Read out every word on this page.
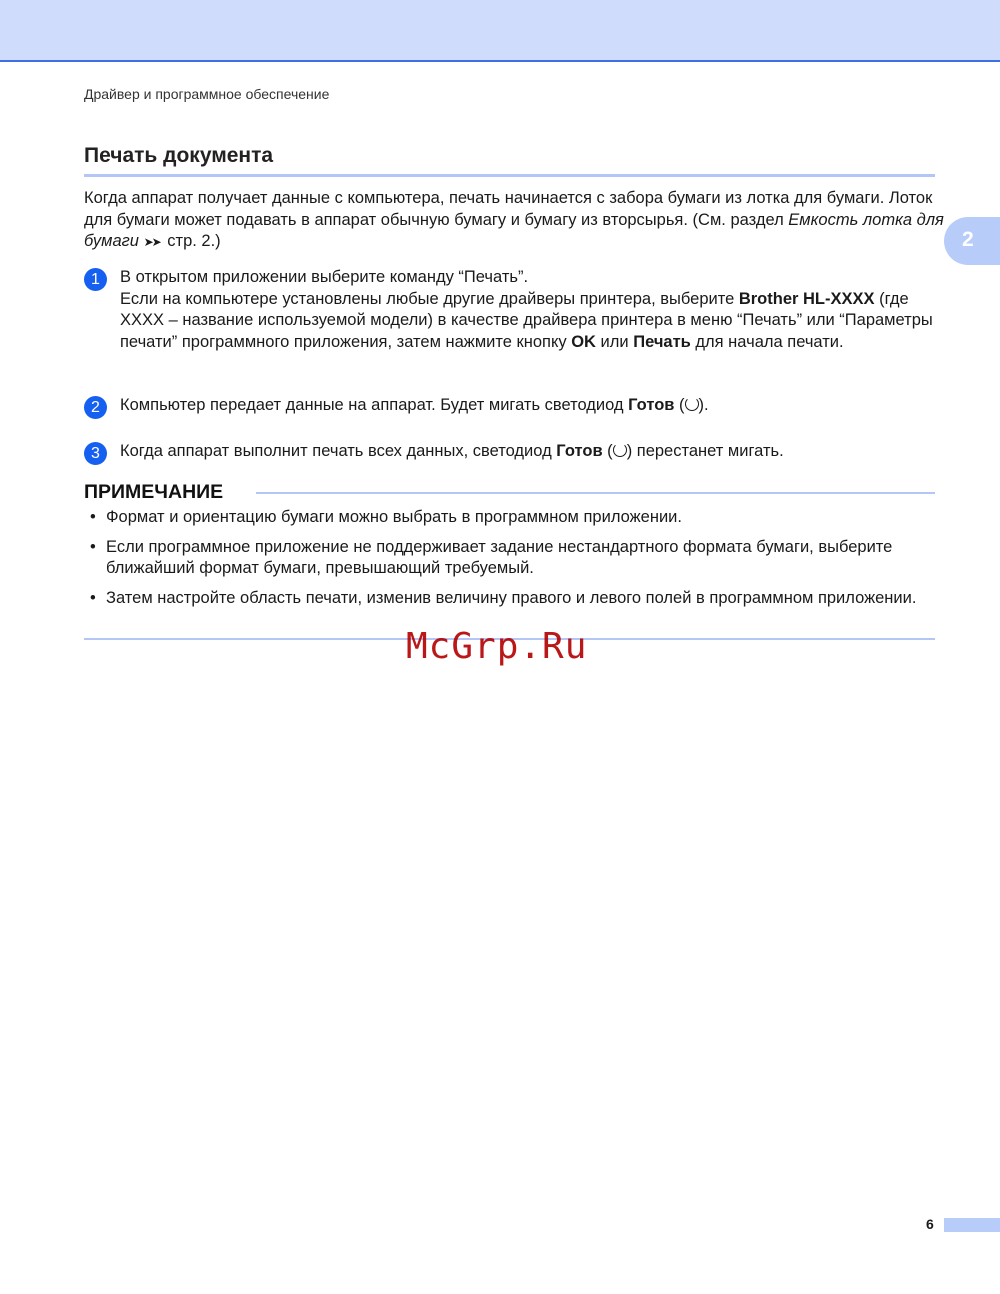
Драйвер и программное обеспечение
2
Печать документа

Когда аппарат получает данные с компьютера, печать начинается с забора бумаги из лотка для бумаги. Лоток для бумаги может подавать в аппарат обычную бумагу и бумагу из вторсырья. (См. раздел Емкость лотка для бумаги ➤➤ стр. 2.)

1	В открытом приложении выберите команду “Печать”.

Если на компьютере установлены любые другие драйверы принтера, выберите Brother HL-XXXX (где XXXX – название используемой модели) в качестве драйвера принтера в меню “Печать” или “Параметры печати” программного приложения, затем нажмите кнопку OK или Печать для начала печати.

2	Компьютер передает данные на аппарат. Будет мигать светодиод Готов ( ).
3	Когда аппарат выполнит печать всех данных, светодиод Готов ( ) перестанет мигать.
ПРИМЕЧАНИЕ
• Формат и ориентацию бумаги можно выбрать в программном приложении.
• Если программное приложение не поддерживает задание нестандартного формата бумаги, выберите ближайший формат бумаги, превышающий требуемый.
• Затем настройте область печати, изменив величину правого и левого полей в программном приложении.
McGrp.Ru
6
